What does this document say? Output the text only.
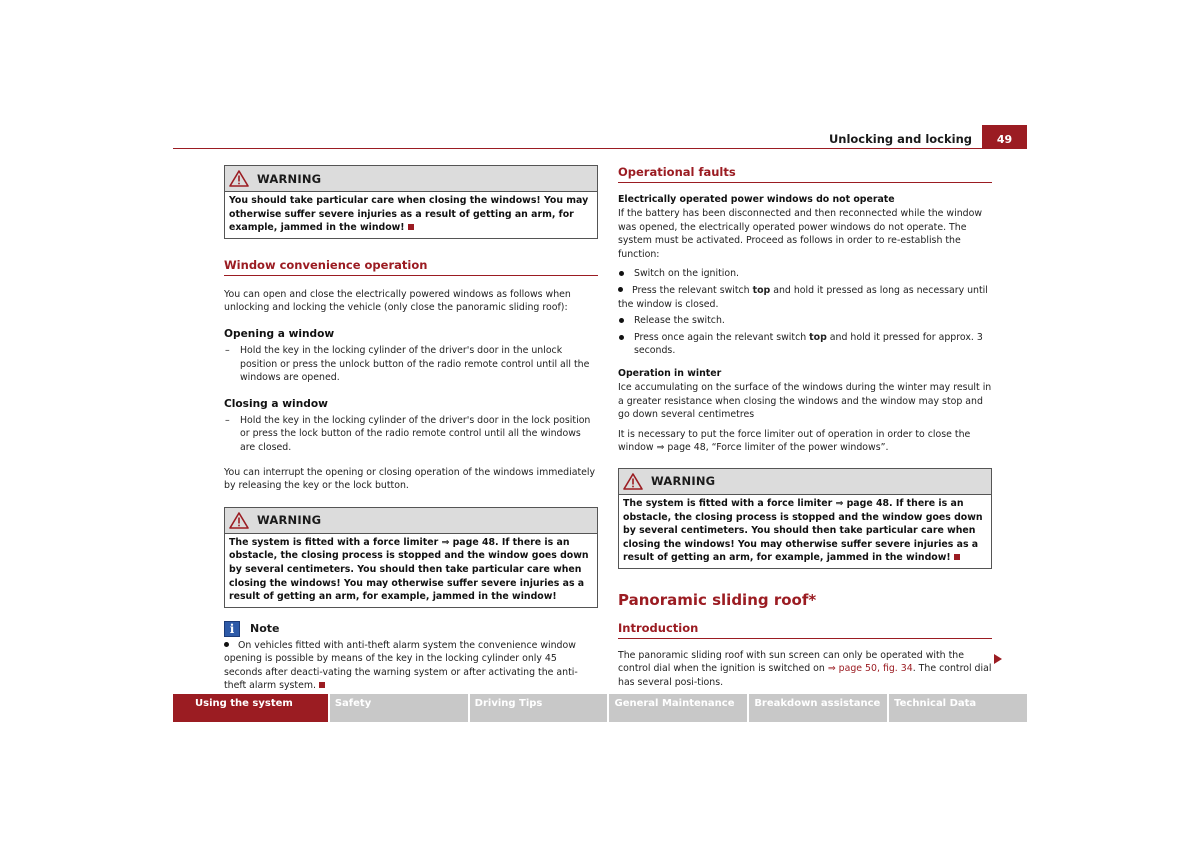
Unlocking and locking	49
WARNING
You should take particular care when closing the windows! You may otherwise suffer severe injuries as a result of getting an arm, for example, jammed in the window!
Window convenience operation

You can open and close the electrically powered windows as follows when unlocking and locking the vehicle (only close the panoramic sliding roof):

Opening a window
– Hold the key in the locking cylinder of the driver's door in the unlock position or press the unlock button of the radio remote control until all the windows are opened.
Closing a window
– Hold the key in the locking cylinder of the driver's door in the lock position or press the lock button of the radio remote control until all the windows are closed.

You can interrupt the opening or closing operation of the windows immediately by releasing the key or the lock button.

WARNING
The system is fitted with a force limiter ⇒ page 48. If there is an obstacle, the closing process is stopped and the window goes down by several centimeters. You should then take particular care when closing the windows! You may otherwise suffer severe injuries as a result of getting an arm, for example, jammed in the window!
i	Note

On vehicles fitted with anti-theft alarm system the convenience window opening is possible by means of the key in the locking cylinder only 45 seconds after deacti-vating the warning system or after activating the anti-theft alarm system.

Operational faults
Electrically operated power windows do not operate

If the battery has been disconnected and then reconnected while the window was opened, the electrically operated power windows do not operate. The system must be activated. Proceed as follows in order to re-establish the function:

Switch on the ignition.

Press the relevant switch top and hold it pressed as long as necessary until the window is closed.

Release the switch.
Press once again the relevant switch top and hold it pressed for approx. 3 seconds.
Operation in winter

Ice accumulating on the surface of the windows during the winter may result in a greater resistance when closing the windows and the window may stop and go down several centimetres

It is necessary to put the force limiter out of operation in order to close the window ⇒ page 48, “Force limiter of the power windows”.

WARNING
The system is fitted with a force limiter ⇒ page 48. If there is an obstacle, the closing process is stopped and the window goes down by several centimeters. You should then take particular care when closing the windows! You may otherwise suffer severe injuries as a result of getting an arm, for example, jammed in the window!
Panoramic sliding roof*
Introduction

The panoramic sliding roof with sun screen can only be operated with the control dial when the ignition is switched on ⇒ page 50, fig. 34. The control dial has several posi-tions.

Using the system	Safety	Driving Tips	General Maintenance	Breakdown assistance	Technical Data
